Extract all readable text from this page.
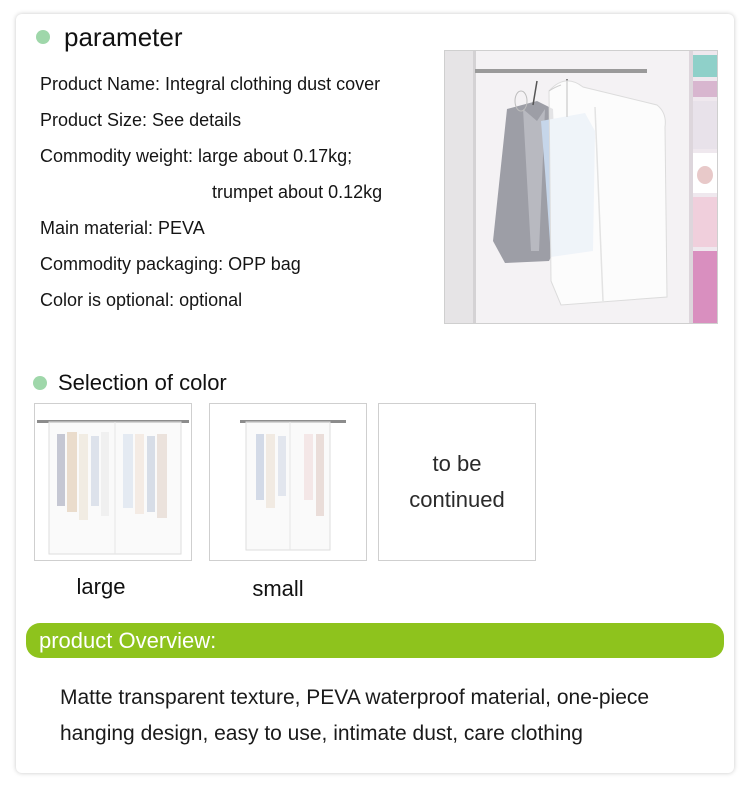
parameter
Product Name: Integral clothing dust cover
Product Size: See details
Commodity weight: large about 0.17kg;
trumpet about 0.12kg
Main material: PEVA
Commodity packaging: OPP bag
Color is optional: optional
Selection of color
large	small
to be
continued
product Overview:
Matte transparent texture, PEVA waterproof material, one-piece
hanging design, easy to use, intimate dust, care clothing
